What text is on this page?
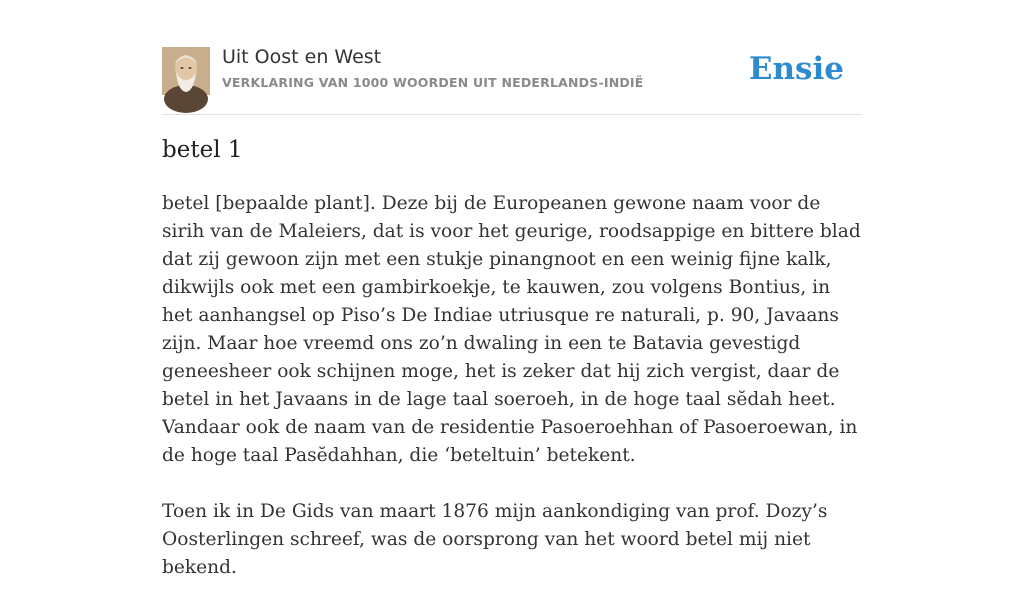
Uit Oost en West
VERKLARING VAN 1000 WOORDEN UIT NEDERLANDS-INDIË	Ensie
betel 1

betel [bepaalde plant]. Deze bij de Europeanen gewone naam voor de sirih van de Maleiers, dat is voor het geurige, roodsappige en bittere blad dat zij gewoon zijn met een stukje pinangnoot en een weinig fijne kalk, dikwijls ook met een gambirkoekje, te kauwen, zou volgens Bontius, in het aanhangsel op Piso’s De Indiae utriusque re naturali, p. 90, Javaans zijn. Maar hoe vreemd ons zo’n dwaling in een te Batavia gevestigd geneesheer ook schijnen moge, het is zeker dat hij zich vergist, daar de betel in het Javaans in de lage taal soeroeh, in de hoge taal sĕdah heet. Vandaar ook de naam van de residentie Pasoeroehhan of Pasoeroewan, in de hoge taal Pasĕdahhan, die ‘beteltuin’ betekent.

Toen ik in De Gids van maart 1876 mijn aankondiging van prof. Dozy’s Oosterlingen schreef, was de oorsprong van het woord betel mij niet bekend.
